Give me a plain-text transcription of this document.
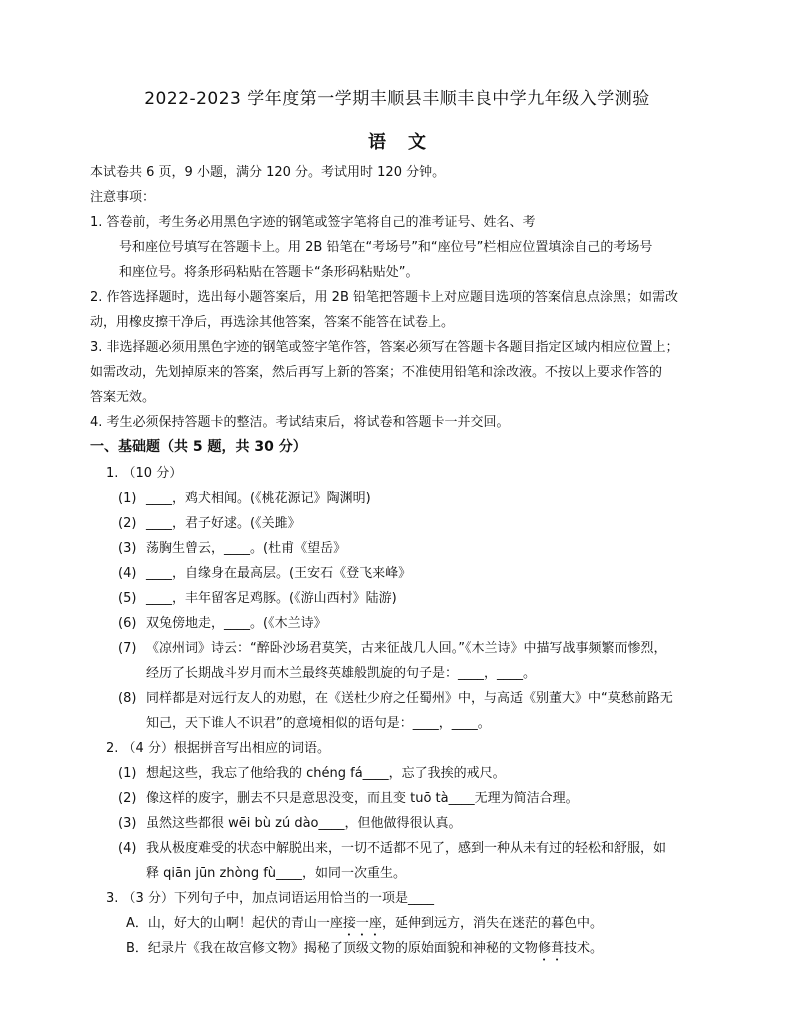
2022-2023 学年度第一学期丰顺县丰顺丰良中学九年级入学测验
语文
本试卷共 6 页，9 小题，满分 120 分。考试用时 120 分钟。
注意事项：
1. 答卷前，考生务必用黑色字迹的钢笔或签字笔将自己的准考证号、姓名、考
号和座位号填写在答题卡上。用 2B 铅笔在“考场号”和“座位号”栏相应位置填涂自己的考场号
和座位号。将条形码粘贴在答题卡“条形码粘贴处”。
2. 作答选择题时，选出每小题答案后，用 2B 铅笔把答题卡上对应题目选项的答案信息点涂黑；如需改
动，用橡皮擦干净后，再选涂其他答案，答案不能答在试卷上。
3. 非选择题必须用黑色字迹的钢笔或签字笔作答，答案必须写在答题卡各题目指定区域内相应位置上；
如需改动，先划掉原来的答案，然后再写上新的答案；不准使用铅笔和涂改液。不按以上要求作答的
答案无效。
4. 考生必须保持答题卡的整洁。考试结束后，将试卷和答题卡一并交回。
一、基础题（共 5 题，共 30 分）
1. （10 分）
(1) ____，鸡犬相闻。(《桃花源记》陶渊明)
(2) ____，君子好逑。(《关雎》
(3) 荡胸生曾云，____。(杜甫《望岳》
(4) ____，自缘身在最高层。(王安石《登飞来峰》
(5) ____，丰年留客足鸡豚。(《游山西村》陆游)
(6) 双兔傍地走，____。(《木兰诗》
(7) 《凉州词》诗云：“醉卧沙场君莫笑，古来征战几人回。”《木兰诗》中描写战事频繁而惨烈，
经历了长期战斗岁月而木兰最终英雄般凯旋的句子是：____，____。
(8) 同样都是对远行友人的劝慰，在《送杜少府之任蜀州》中，与高适《别董大》中“莫愁前路无
知己，天下谁人不识君”的意境相似的语句是：____，____。
2. （4 分）根据拼音写出相应的词语。
(1) 想起这些，我忘了他给我的 chéng fá____，忘了我挨的戒尺。
(2) 像这样的废字，删去不只是意思没变，而且变 tuō tà____无理为简洁合理。
(3) 虽然这些都很 wēi bù zú dào____，但他做得很认真。
(4) 我从极度难受的状态中解脱出来，一切不适都不见了，感到一种从未有过的轻松和舒服，如
释 qiān jūn zhòng fù____，如同一次重生。
3. （3 分）下列句子中，加点词语运用恰当的一项是____
A．山，好大的山啊！起伏的青山一座接一座，延伸到远方，消失在迷茫的暮色中。
B．纪录片《我在故宫修文物》揭秘了顶级文物的原始面貌和神秘的文物修葺技术。
